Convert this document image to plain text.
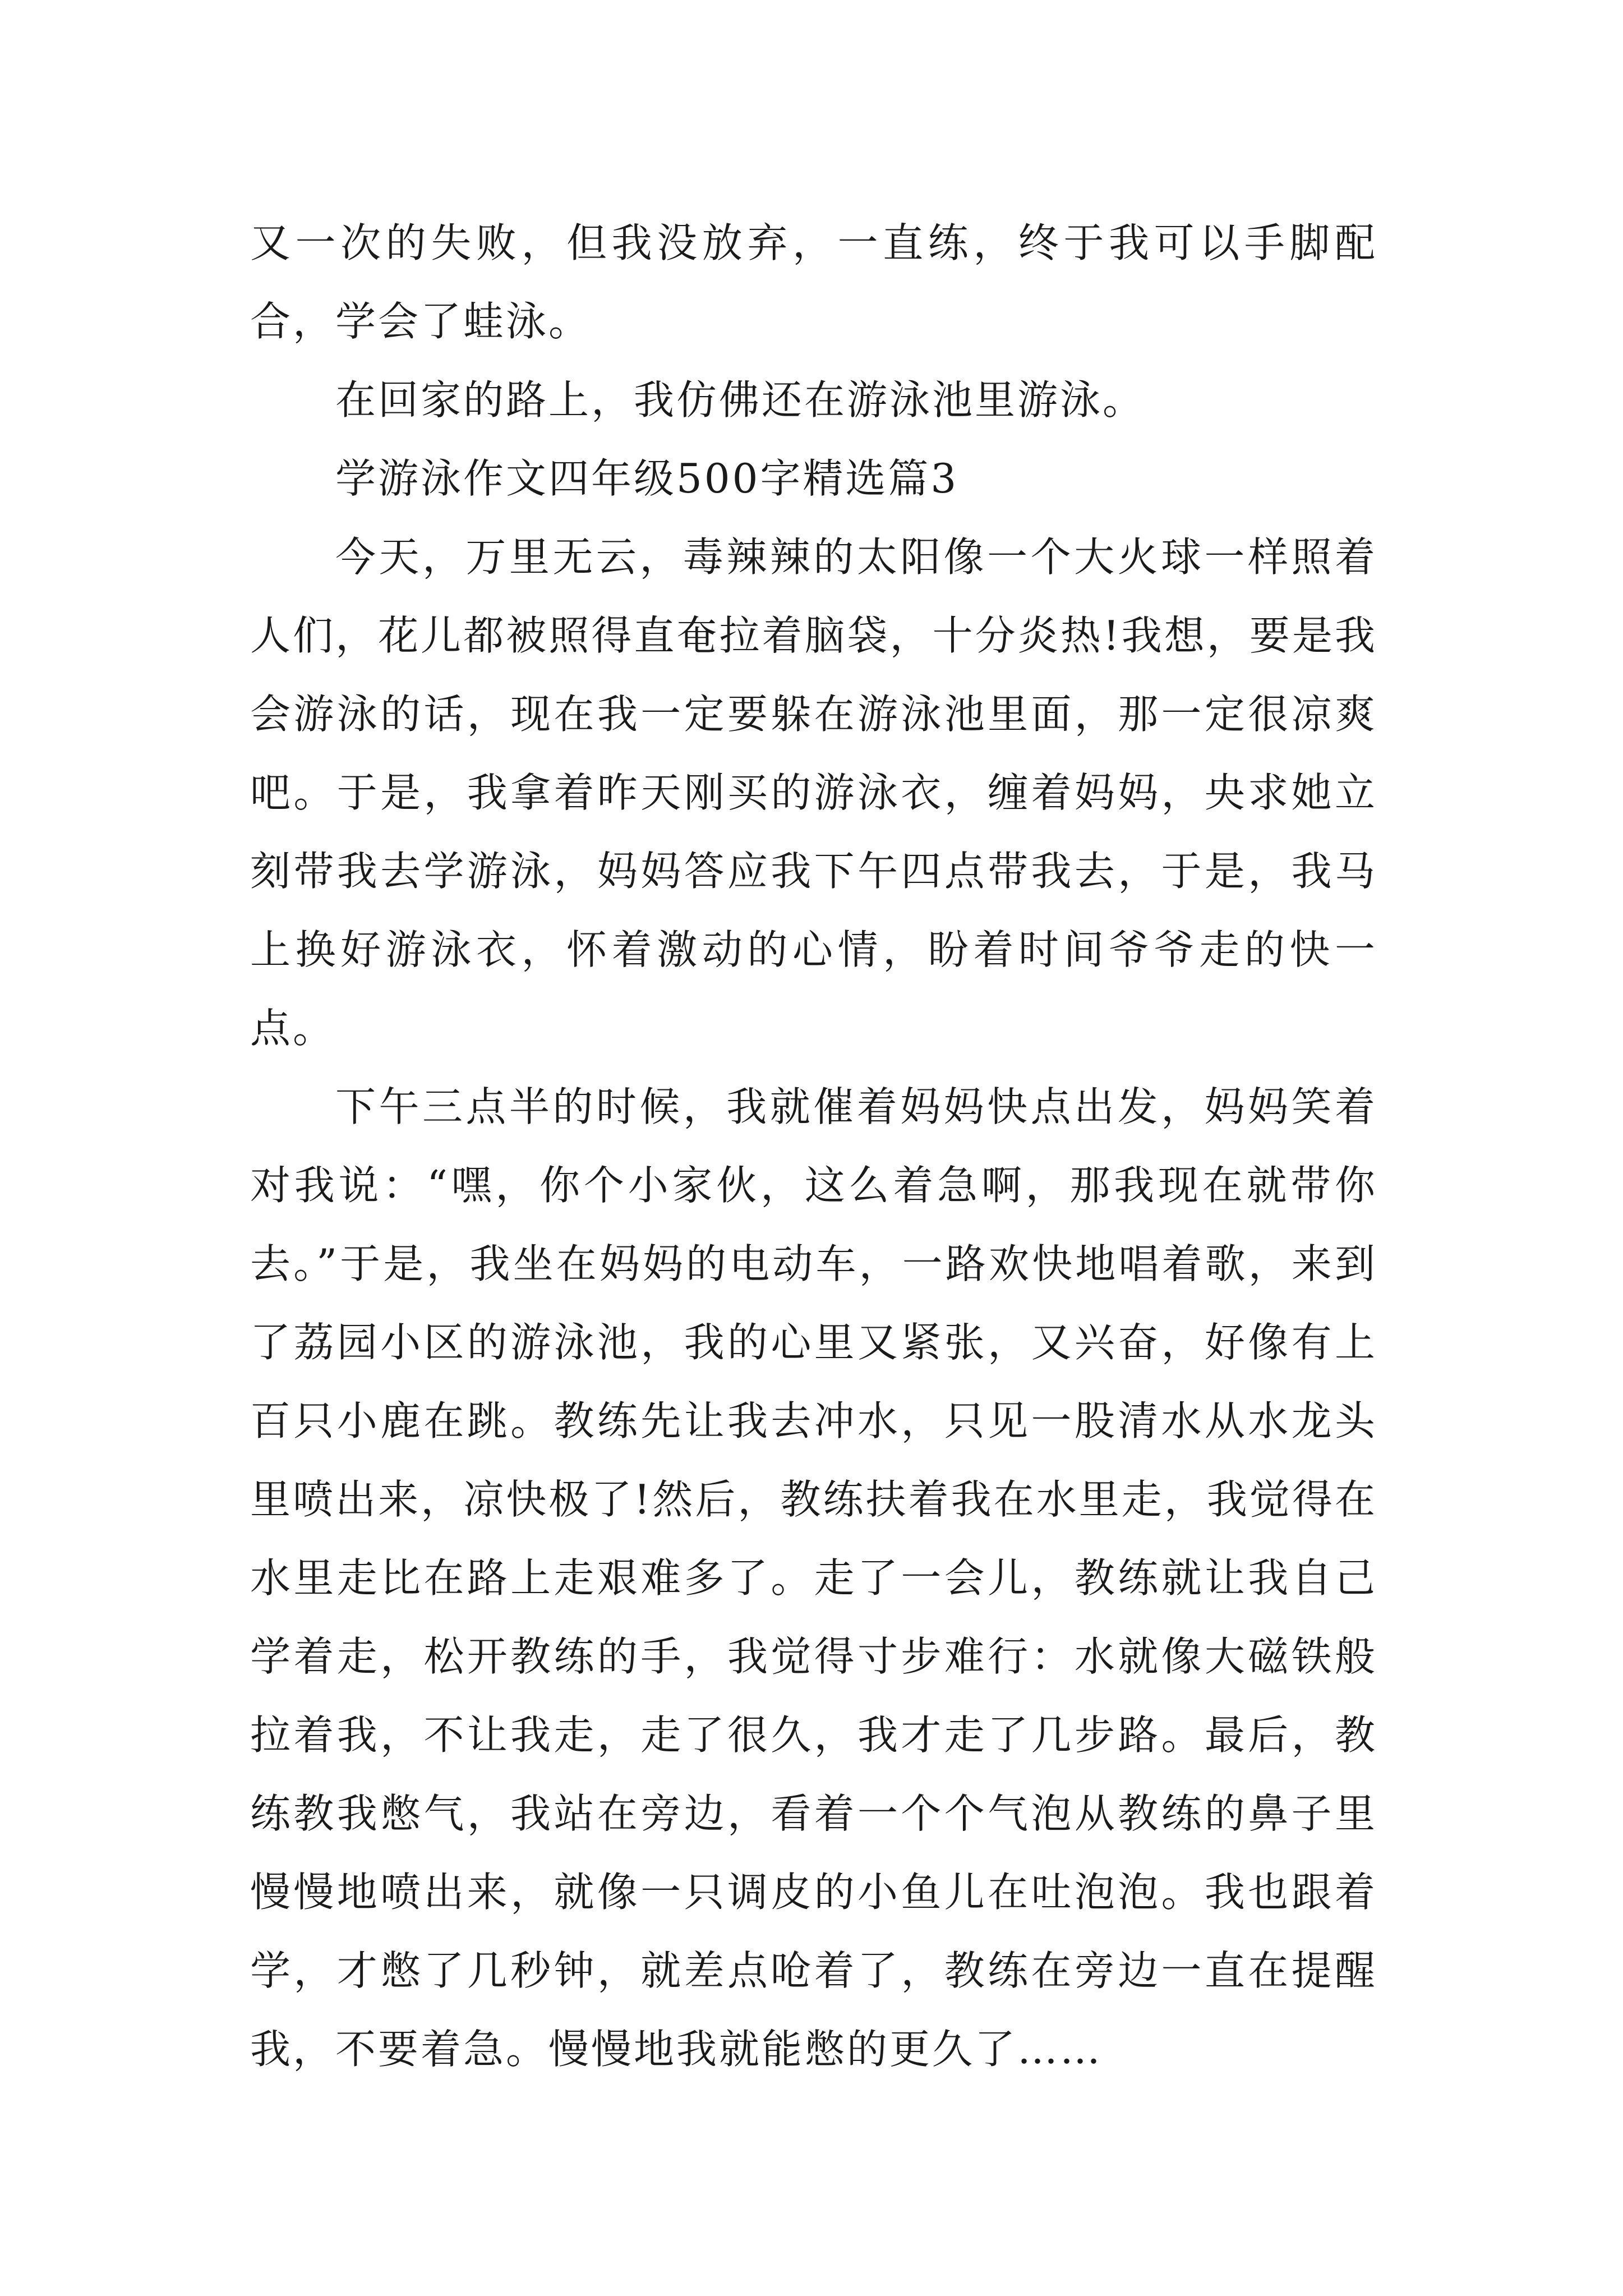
又一次的失败，但我没放弃，一直练，终于我可以手脚配合，学会了蛙泳。

在回家的路上，我仿佛还在游泳池里游泳。

学游泳作文四年级500字精选篇3

今天，万里无云，毒辣辣的太阳像一个大火球一样照着人们，花儿都被照得直奄拉着脑袋，十分炎热!我想，要是我会游泳的话，现在我一定要躲在游泳池里面，那一定很凉爽吧。于是，我拿着昨天刚买的游泳衣，缠着妈妈，央求她立刻带我去学游泳，妈妈答应我下午四点带我去，于是，我马上换好游泳衣，怀着激动的心情，盼着时间爷爷走的快一点。

下午三点半的时候，我就催着妈妈快点出发，妈妈笑着对我说：“嘿，你个小家伙，这么着急啊，那我现在就带你去。”于是，我坐在妈妈的电动车，一路欢快地唱着歌，来到了荔园小区的游泳池，我的心里又紧张，又兴奋，好像有上百只小鹿在跳。教练先让我去冲水，只见一股清水从水龙头里喷出来，凉快极了!然后，教练扶着我在水里走，我觉得在水里走比在路上走艰难多了。走了一会儿，教练就让我自己学着走，松开教练的手，我觉得寸步难行：水就像大磁铁般拉着我，不让我走，走了很久，我才走了几步路。最后，教练教我憋气，我站在旁边，看着一个个气泡从教练的鼻子里慢慢地喷出来，就像一只调皮的小鱼儿在吐泡泡。我也跟着学，才憋了几秒钟，就差点呛着了，教练在旁边一直在提醒我，不要着急。慢慢地我就能憋的更久了……
